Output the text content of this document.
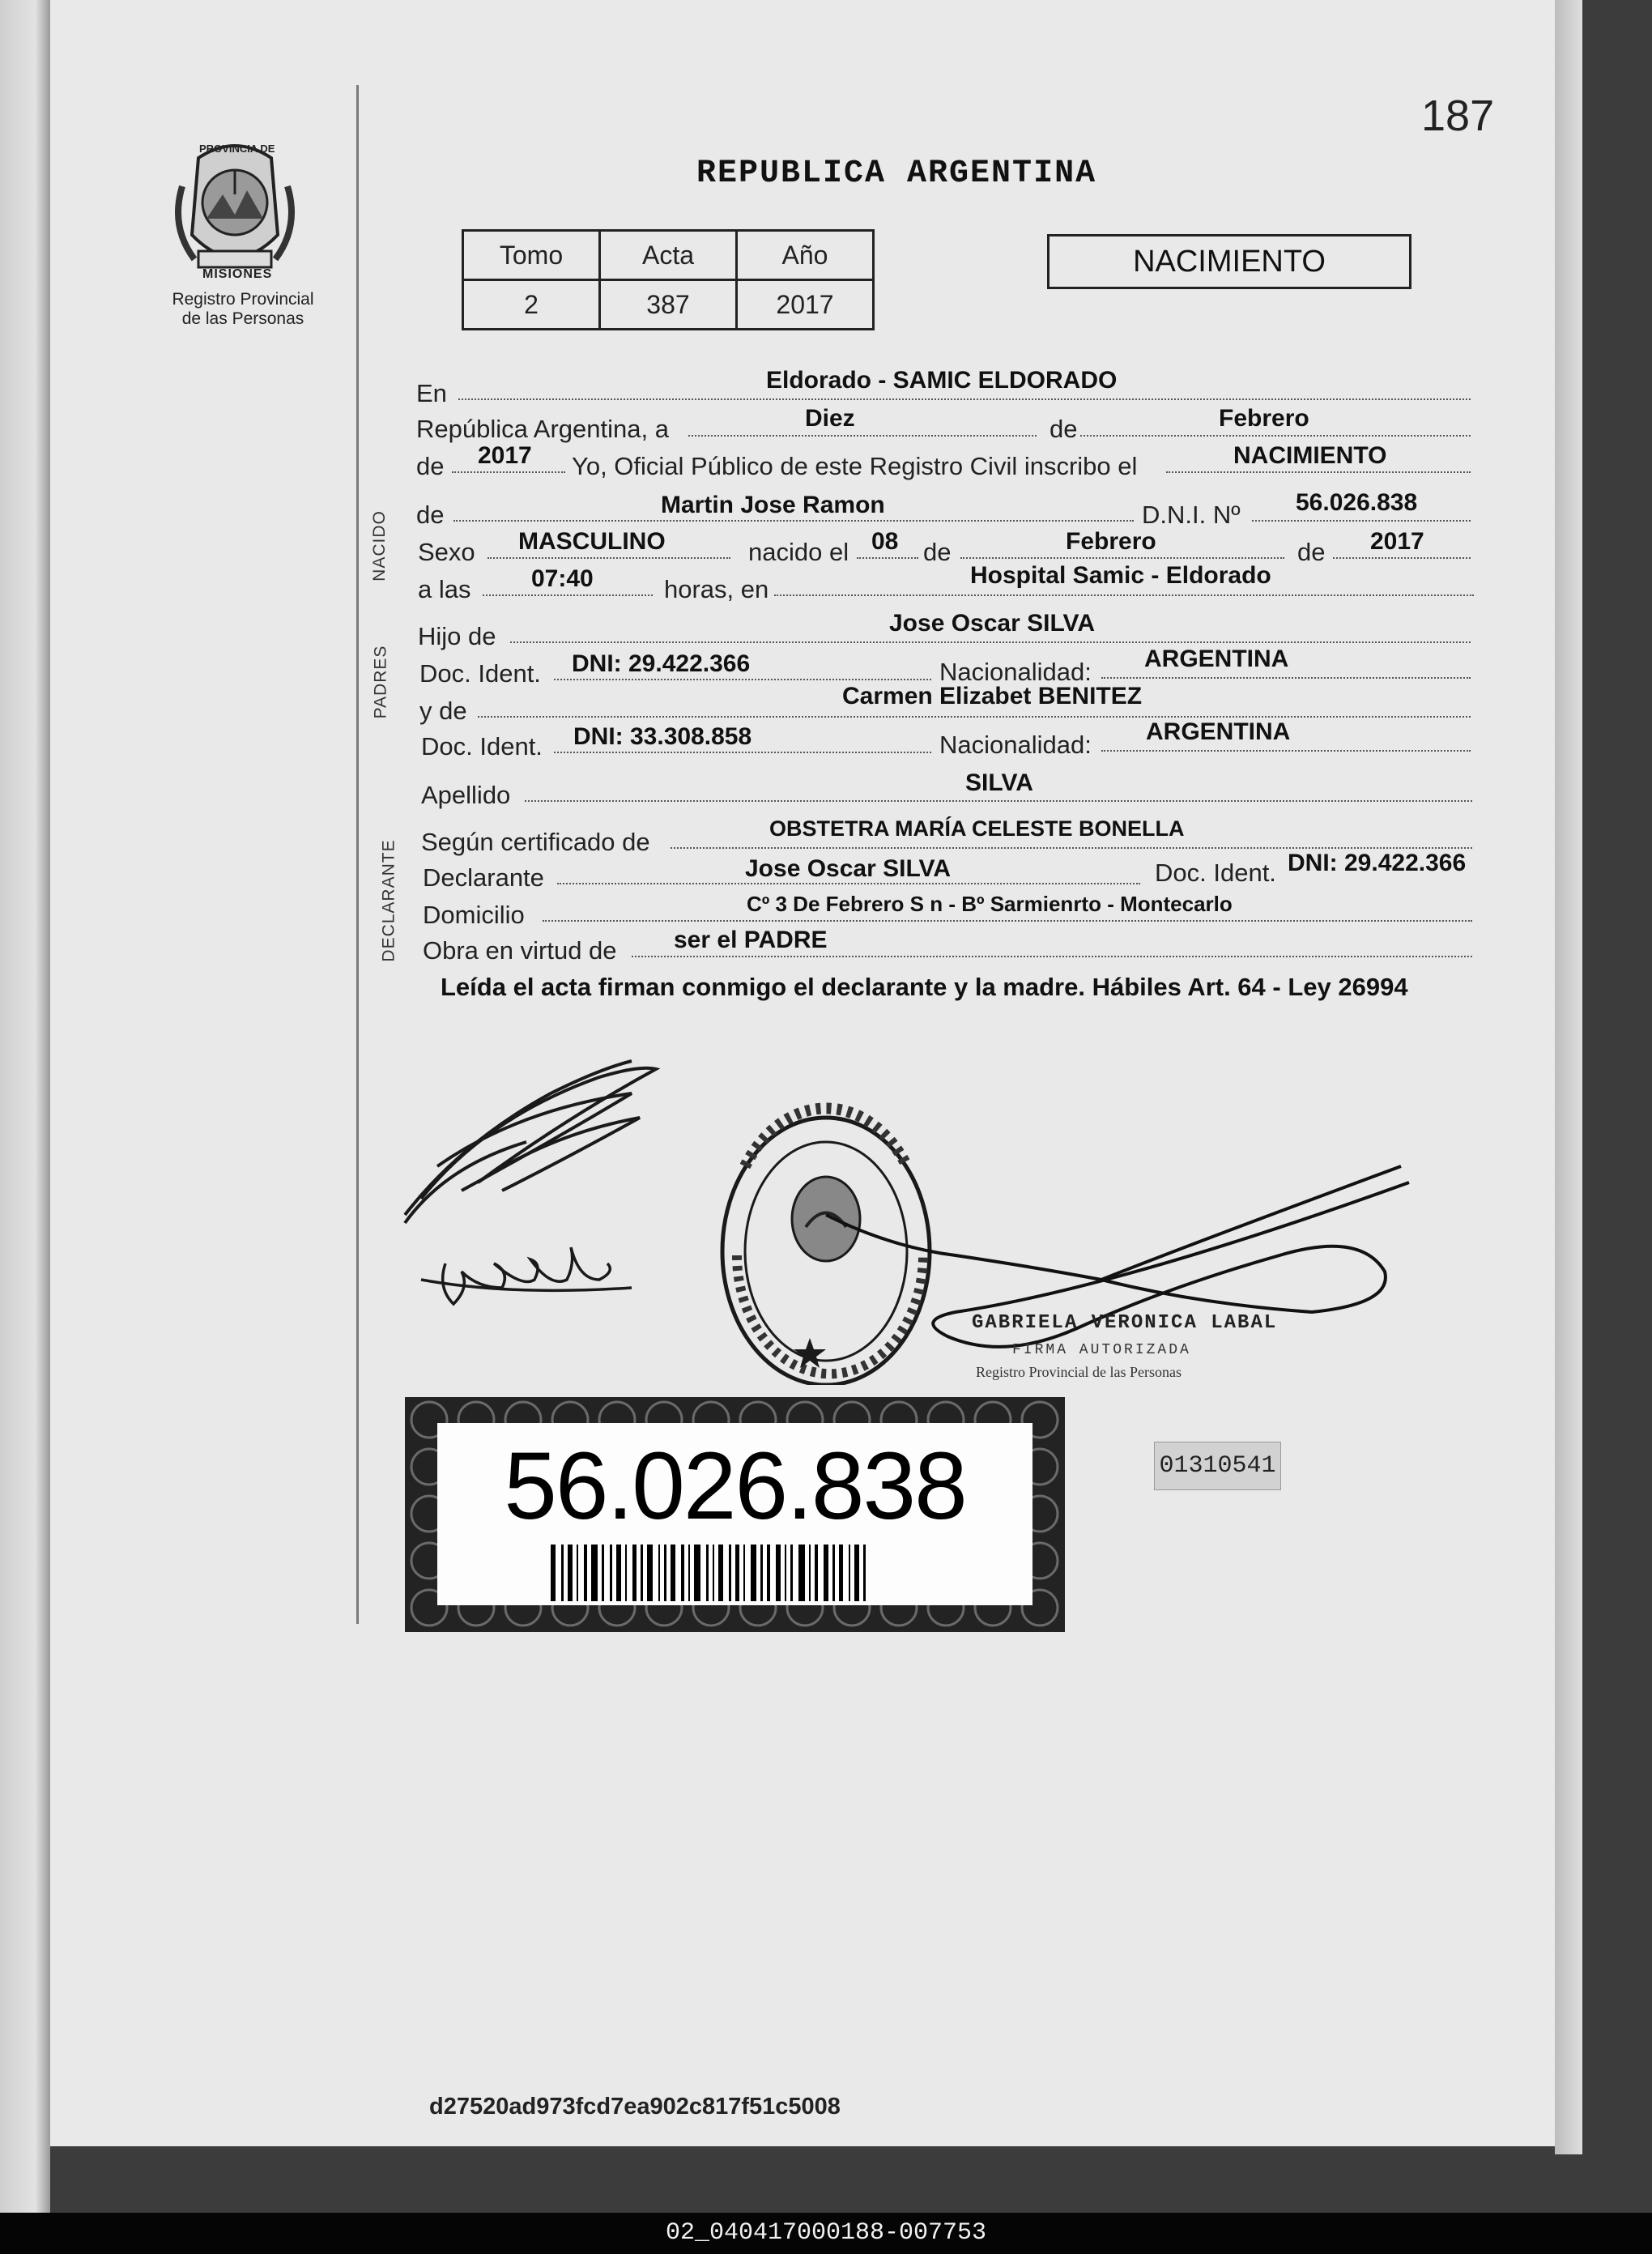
187
Registro Provincial
de las Personas
PROVINCIA DE
MISIONES
REPUBLICA ARGENTINA
Tomo	Acta	Año
2	387	2017
NACIMIENTO
NACIDO
PADRES
DECLARANTE
En	Eldorado - SAMIC ELDORADO
República Argentina, a	Diez	de	Febrero
de 2017 Yo, Oficial Público de este Registro Civil inscribo el	NACIMIENTO
de	Martin Jose Ramon	D.N.I. Nº 56.026.838
Sexo MASCULINO	nacido el 08 de	Febrero	de 2017
a las 07:40	horas, en	Hospital Samic - Eldorado
Hijo de	Jose Oscar SILVA
Doc. Ident. DNI: 29.422.366	Nacionalidad: ARGENTINA
y de
Carmen Elizabet BENITEZ
Doc. Ident. DNI: 33.308.858	Nacionalidad: ARGENTINA
Apellido	SILVA
Según certificado de	OBSTETRA MARÍA CELESTE BONELLA
Declarante	Jose Oscar SILVA	Doc. Ident. DNI: 29.422.366
Domicilio	Cº 3 De Febrero S n - Bº Sarmienrto - Montecarlo
Obra en virtud de ser el PADRE
Leída el acta firman conmigo el declarante y la madre. Hábiles Art. 64 - Ley 26994
GABRIELA VERONICA LABAL
FIRMA AUTORIZADA
Registro Provincial de las Personas
56.026.838	01310541
d27520ad973fcd7ea902c817f51c5008
02_040417000188-007753
